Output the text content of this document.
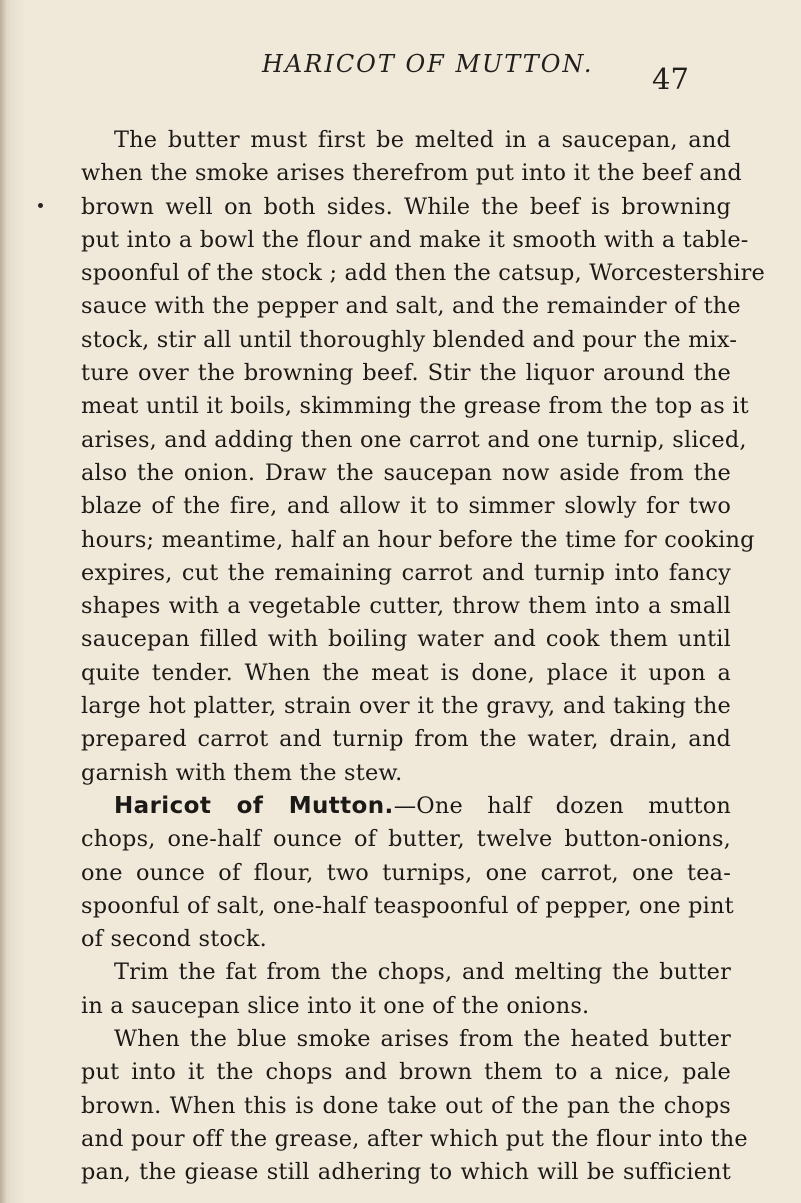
HARICOT OF MUTTON. 47

The butter must first be melted in a saucepan, and

when the smoke arises therefrom put into it the beef and

brown well on both sides. While the beef is browning

put into a bowl the flour and make it smooth with a table-

spoonful of the stock ; add then the catsup, Worcestershire

sauce with the pepper and salt, and the remainder of the

stock, stir all until thoroughly blended and pour the mix-

ture over the browning beef. Stir the liquor around the

meat until it boils, skimming the grease from the top as it

arises, and adding then one carrot and one turnip, sliced,

also the onion. Draw the saucepan now aside from the

blaze of the fire, and allow it to simmer slowly for two

hours; meantime, half an hour before the time for cooking

expires, cut the remaining carrot and turnip into fancy

shapes with a vegetable cutter, throw them into a small

saucepan filled with boiling water and cook them until

quite tender. When the meat is done, place it upon a

large hot platter, strain over it the gravy, and taking the

prepared carrot and turnip from the water, drain, and

garnish with them the stew.

Haricot of Mutton.—One half dozen mutton

chops, one-half ounce of butter, twelve button-onions,

one ounce of flour, two turnips, one carrot, one tea-

spoonful of salt, one-half teaspoonful of pepper, one pint

of second stock.

Trim the fat from the chops, and melting the butter

in a saucepan slice into it one of the onions.

When the blue smoke arises from the heated butter

put into it the chops and brown them to a nice, pale

brown. When this is done take out of the pan the chops

and pour off the grease, after which put the flour into the

pan, the giease still adhering to which will be sufficient
